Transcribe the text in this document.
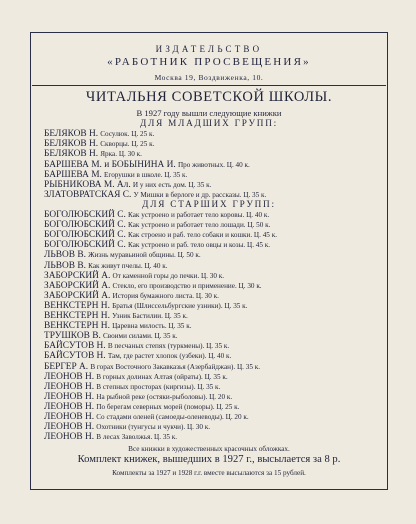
ИЗДАТЕЛЬСТВО
«РАБОТНИК ПРОСВЕЩЕНИЯ»
Москва 19, Воздвиженка, 10.
ЧИТАЛЬНЯ СОВЕТСКОЙ ШКОЛЫ.
В 1927 году вышли следующие книжки
ДЛЯ МЛАДШИХ ГРУПП:
БЕЛЯКОВ Н. Сосулюк. Ц. 25 к.
БЕЛЯКОВ Н. Скворцы. Ц. 25 к.
БЕЛЯКОВ Н. Ярка. Ц. 30 к.
БАРШЕВА М. и БОБЫНИНА И. Про животных. Ц. 40 к.
БАРШЕВА М. Егорушки в школе. Ц. 35 к.
РЫБНИКОВА М. Ал. И у них есть дом. Ц. 35 к.
ЗЛАТОВРАТСКАЯ С. У Мишки в берлоге и др. рассказы. Ц. 35 к.
ДЛЯ СТАРШИХ ГРУПП:
БОГОЛЮБСКИЙ С. Как устроено и работает тело коровы. Ц. 40 к.
БОГОЛЮБСКИЙ С. Как устроено и работает тело лошади. Ц. 50 к.
БОГОЛЮБСКИЙ С. Как строено и раб. тело собаки и кошки. Ц. 45 к.
БОГОЛЮБСКИЙ С. Как устроено и раб. тело овцы и козы. Ц. 45 к.
ЛЬВОВ В. Жизнь муравьиной общины. Ц. 50 к.
ЛЬВОВ В. Как живут пчелы. Ц. 40 к.
ЗАБОРСКИЙ А. От каменной горы до печки. Ц. 30 к.
ЗАБОРСКИЙ А. Стекло, его производство и применение. Ц. 30 к.
ЗАБОРСКИЙ А. История бумажного листа. Ц. 30 к.
ВЕНКСТЕРН Н. Братья (Шлиссельбургские узники). Ц. 35 к.
ВЕНКСТЕРН Н. Узник Бастилии. Ц. 35 к.
ВЕНКСТЕРН Н. Царевна милость. Ц. 35 к.
ТРУШКОВ В. Своими силами. Ц. 35 к.
БАЙСУТОВ Н. В песчаных степях (туркмены). Ц. 35 к.
БАЙСУТОВ Н. Там, где растет хлопок (узбеки). Ц. 40 к.
БЕРГЕР А. В горах Восточного Закавказья (Азербайджан). Ц. 35 к.
ЛЕОНОВ Н. В горных долинах Алтая (ойраты). Ц. 35 к.
ЛЕОНОВ Н. В степных просторах (киргизы). Ц. 35 к.
ЛЕОНОВ Н. На рыбной реке (остяки-рыболовы). Ц. 20 к.
ЛЕОНОВ Н. По берегам северных морей (поморы). Ц. 25 к.
ЛЕОНОВ Н. Со стадами оленей (самоеды-оленеводы). Ц. 20 к.
ЛЕОНОВ Н. Охотники (тунгусы и чукчи). Ц. 30 к.
ЛЕОНОВ Н. В лесах Заволжья. Ц. 35 к.
Все книжки в художественных красочных обложках.
Комплект книжек, вышедших в 1927 г., высылается за 8 р.
Комплекты за 1927 и 1928 г.г. вместе высылаются за 15 рублей.
